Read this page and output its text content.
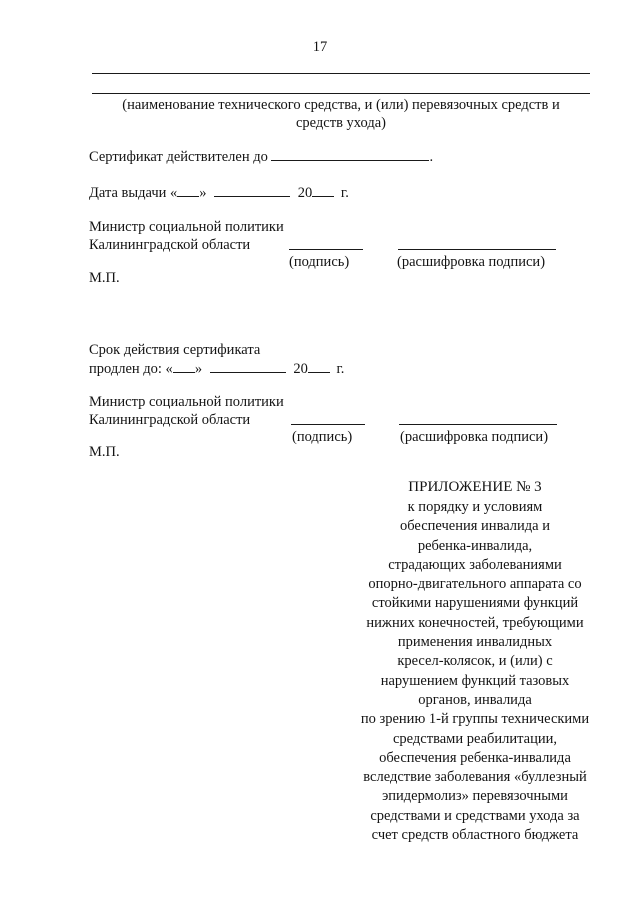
17
(наименование технического средства, и (или) перевязочных средств и
средств ухода)
Сертификат действителен до	.
Дата выдачи « »	20 г.
Министр социальной политики
Калининградской области
(подпись)	(расшифровка подписи)
М.П.
Срок действия сертификата
продлен до: « »	20 г.
Министр социальной политики
Калининградской области
(подпись)	(расшифровка подписи)
М.П.
ПРИЛОЖЕНИЕ № 3
к порядку и условиям
обеспечения инвалида и
ребенка-инвалида,
страдающих заболеваниями
опорно-двигательного аппарата со
стойкими нарушениями функций
нижних конечностей, требующими
применения инвалидных
кресел-колясок, и (или) с
нарушением функций тазовых
органов, инвалида
по зрению 1-й группы техническими
средствами реабилитации,
обеспечения ребенка-инвалида
вследствие заболевания «буллезный
эпидермолиз» перевязочными
средствами и средствами ухода за
счет средств областного бюджета
